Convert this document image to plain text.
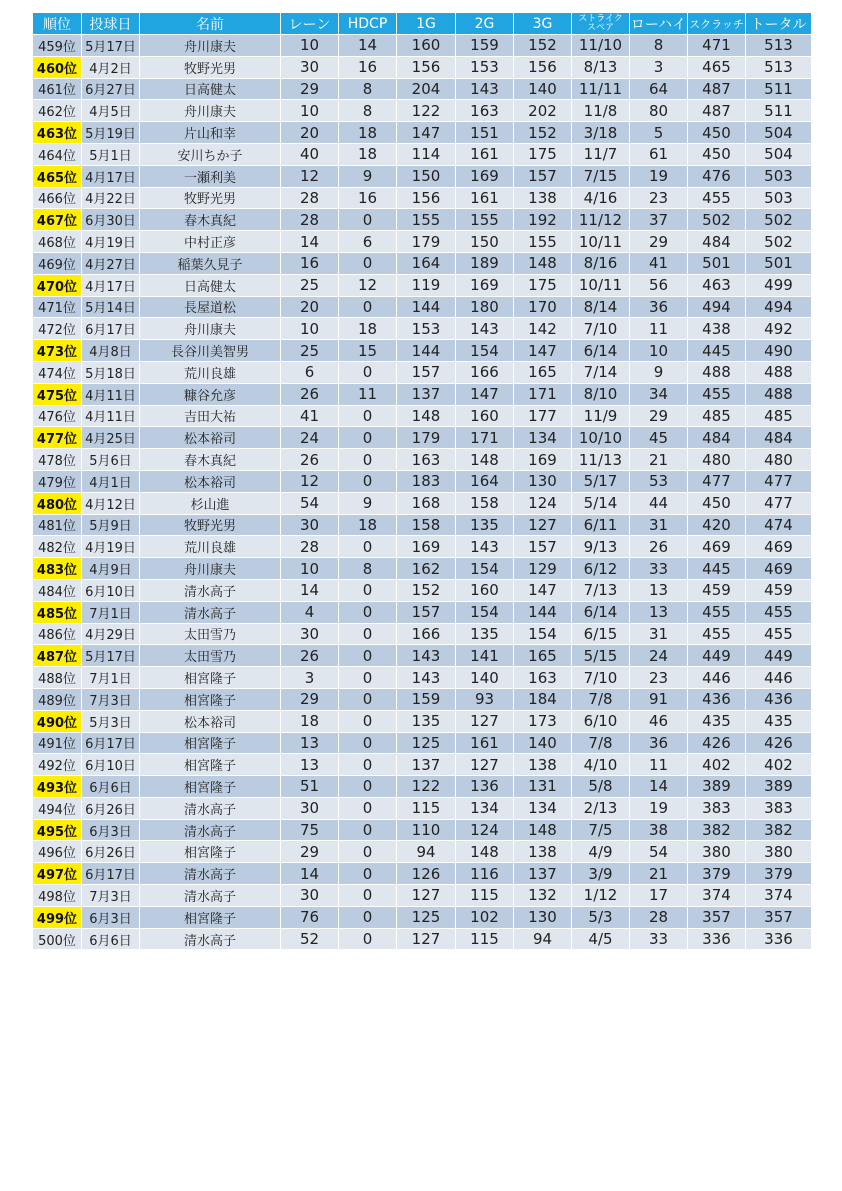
順位	投球日	名前	レーン	HDCP	1G	2G	3G	ストライク
スペア	ローハイ	スクラッチ	トータル
459位	5月17日	舟川康夫	10	14	160	159	152	11/10	8	471	513
460位	4月2日	牧野光男	30	16	156	153	156	8/13	3	465	513
461位	6月27日	日高健太	29	8	204	143	140	11/11	64	487	511
462位	4月5日	舟川康夫	10	8	122	163	202	11/8	80	487	511
463位	5月19日	片山和幸	20	18	147	151	152	3/18	5	450	504
464位	5月1日	安川ちか子	40	18	114	161	175	11/7	61	450	504
465位	4月17日	一瀬利美	12	9	150	169	157	7/15	19	476	503
466位	4月22日	牧野光男	28	16	156	161	138	4/16	23	455	503
467位	6月30日	春木真紀	28	0	155	155	192	11/12	37	502	502
468位	4月19日	中村正彦	14	6	179	150	155	10/11	29	484	502
469位	4月27日	稲葉久見子	16	0	164	189	148	8/16	41	501	501
470位	4月17日	日高健太	25	12	119	169	175	10/11	56	463	499
471位	5月14日	長屋道松	20	0	144	180	170	8/14	36	494	494
472位	6月17日	舟川康夫	10	18	153	143	142	7/10	11	438	492
473位	4月8日	長谷川美智男	25	15	144	154	147	6/14	10	445	490
474位	5月18日	荒川良雄	6	0	157	166	165	7/14	9	488	488
475位	4月11日	糠谷允彦	26	11	137	147	171	8/10	34	455	488
476位	4月11日	吉田大祐	41	0	148	160	177	11/9	29	485	485
477位	4月25日	松本裕司	24	0	179	171	134	10/10	45	484	484
478位	5月6日	春木真紀	26	0	163	148	169	11/13	21	480	480
479位	4月1日	松本裕司	12	0	183	164	130	5/17	53	477	477
480位	4月12日	杉山進	54	9	168	158	124	5/14	44	450	477
481位	5月9日	牧野光男	30	18	158	135	127	6/11	31	420	474
482位	4月19日	荒川良雄	28	0	169	143	157	9/13	26	469	469
483位	4月9日	舟川康夫	10	8	162	154	129	6/12	33	445	469
484位	6月10日	清水高子	14	0	152	160	147	7/13	13	459	459
485位	7月1日	清水高子	4	0	157	154	144	6/14	13	455	455
486位	4月29日	太田雪乃	30	0	166	135	154	6/15	31	455	455
487位	5月17日	太田雪乃	26	0	143	141	165	5/15	24	449	449
488位	7月1日	相宮隆子	3	0	143	140	163	7/10	23	446	446
489位	7月3日	相宮隆子	29	0	159	93	184	7/8	91	436	436
490位	5月3日	松本裕司	18	0	135	127	173	6/10	46	435	435
491位	6月17日	相宮隆子	13	0	125	161	140	7/8	36	426	426
492位	6月10日	相宮隆子	13	0	137	127	138	4/10	11	402	402
493位	6月6日	相宮隆子	51	0	122	136	131	5/8	14	389	389
494位	6月26日	清水高子	30	0	115	134	134	2/13	19	383	383
495位	6月3日	清水高子	75	0	110	124	148	7/5	38	382	382
496位	6月26日	相宮隆子	29	0	94	148	138	4/9	54	380	380
497位	6月17日	清水高子	14	0	126	116	137	3/9	21	379	379
498位	7月3日	清水高子	30	0	127	115	132	1/12	17	374	374
499位	6月3日	相宮隆子	76	0	125	102	130	5/3	28	357	357
500位	6月6日	清水高子	52	0	127	115	94	4/5	33	336	336
